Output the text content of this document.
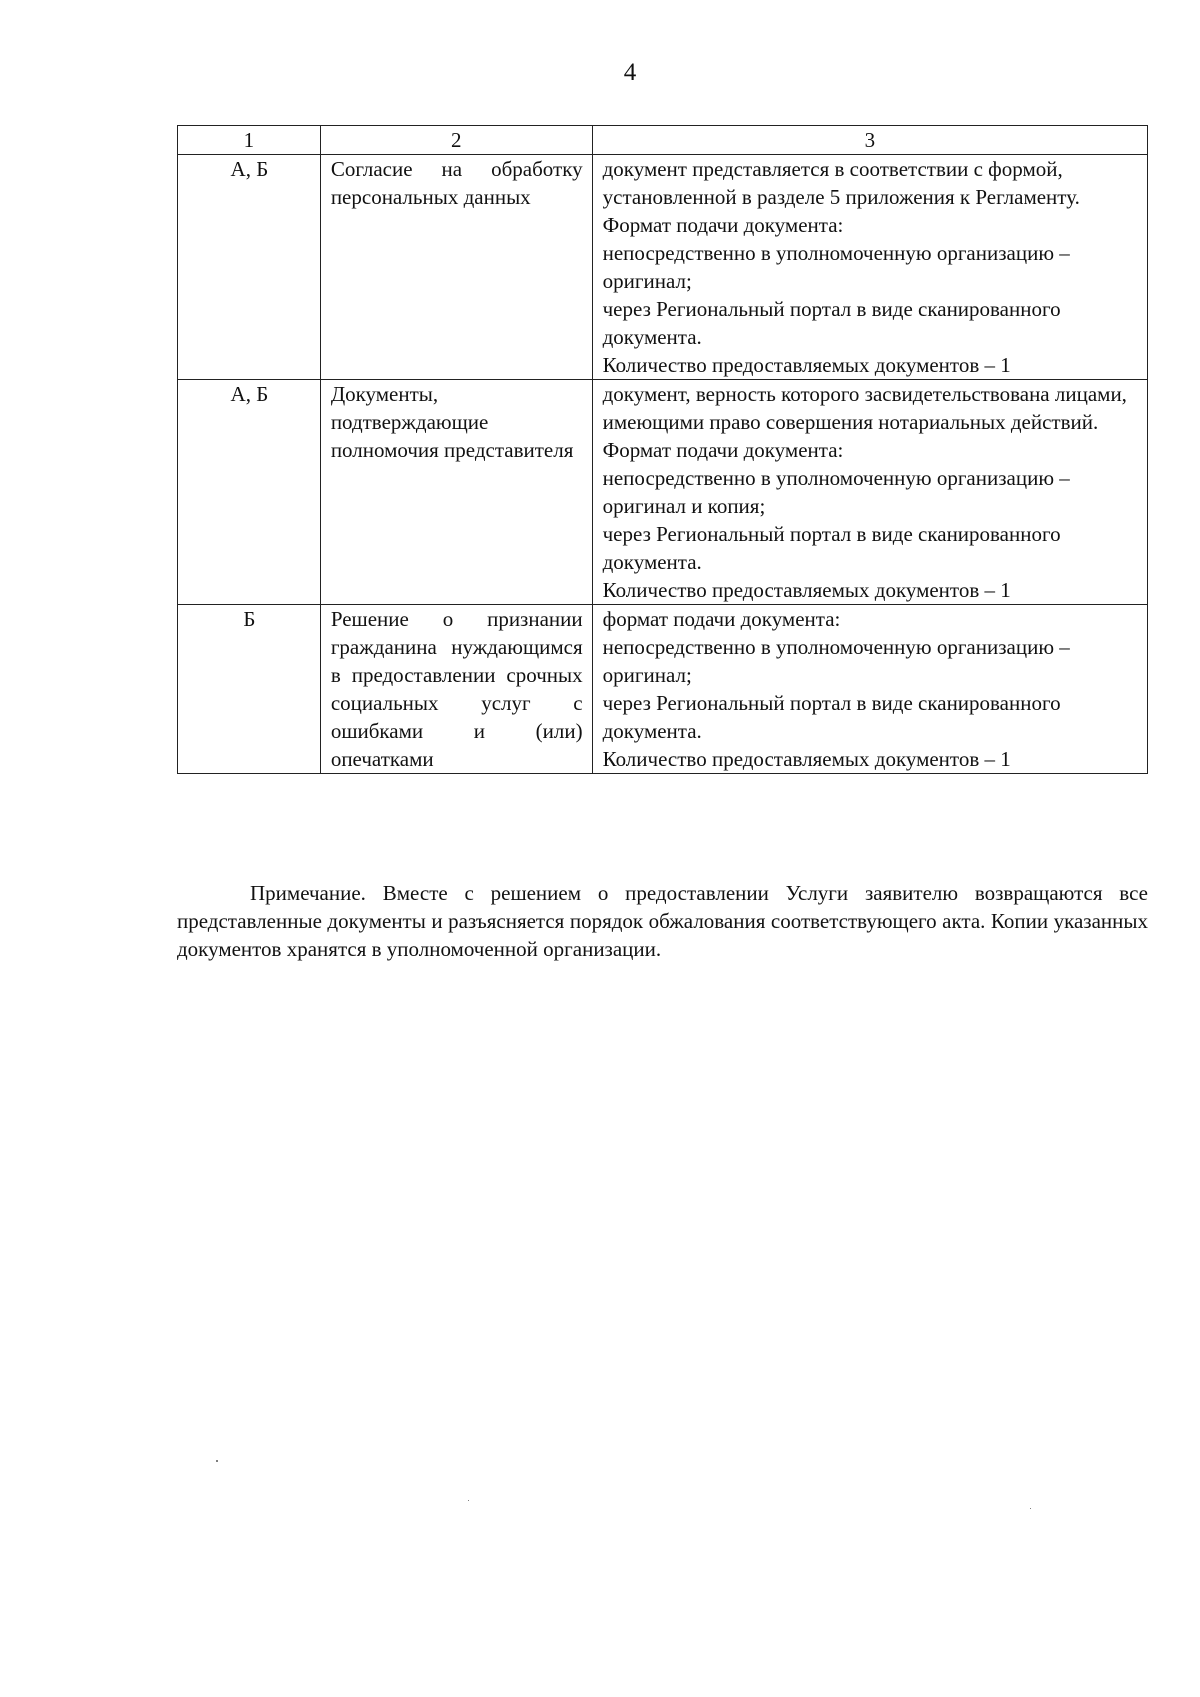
4
1	2	3
А, Б	Согласие на обработку персональных данных	документ представляется в соответствии с формой, установленной в разделе 5 приложения к Регламенту.
Формат подачи документа:
непосредственно в уполномоченную организацию – оригинал;
через Региональный портал в виде сканированного документа.
Количество предоставляемых документов – 1

А, Б	Документы, подтверждающие полномочия представителя	документ, верность которого засвидетельствована лицами, имеющими право совершения нотариальных действий.
Формат подачи документа:
непосредственно в уполномоченную организацию – оригинал и копия;
через Региональный портал в виде сканированного документа.
Количество предоставляемых документов – 1

Б	Решение о признании гражданина нуждающимся в предоставлении срочных социальных услуг с ошибками и (или) опечатками	формат подачи документа:
непосредственно в уполномоченную организацию – оригинал;
через Региональный портал в виде сканированного документа.
Количество предоставляемых документов – 1

Примечание. Вместе с решением о предоставлении Услуги заявителю возвращаются все представленные документы и разъясняется порядок обжалования соответствующего акта. Копии указанных документов хранятся в уполномоченной организации.
